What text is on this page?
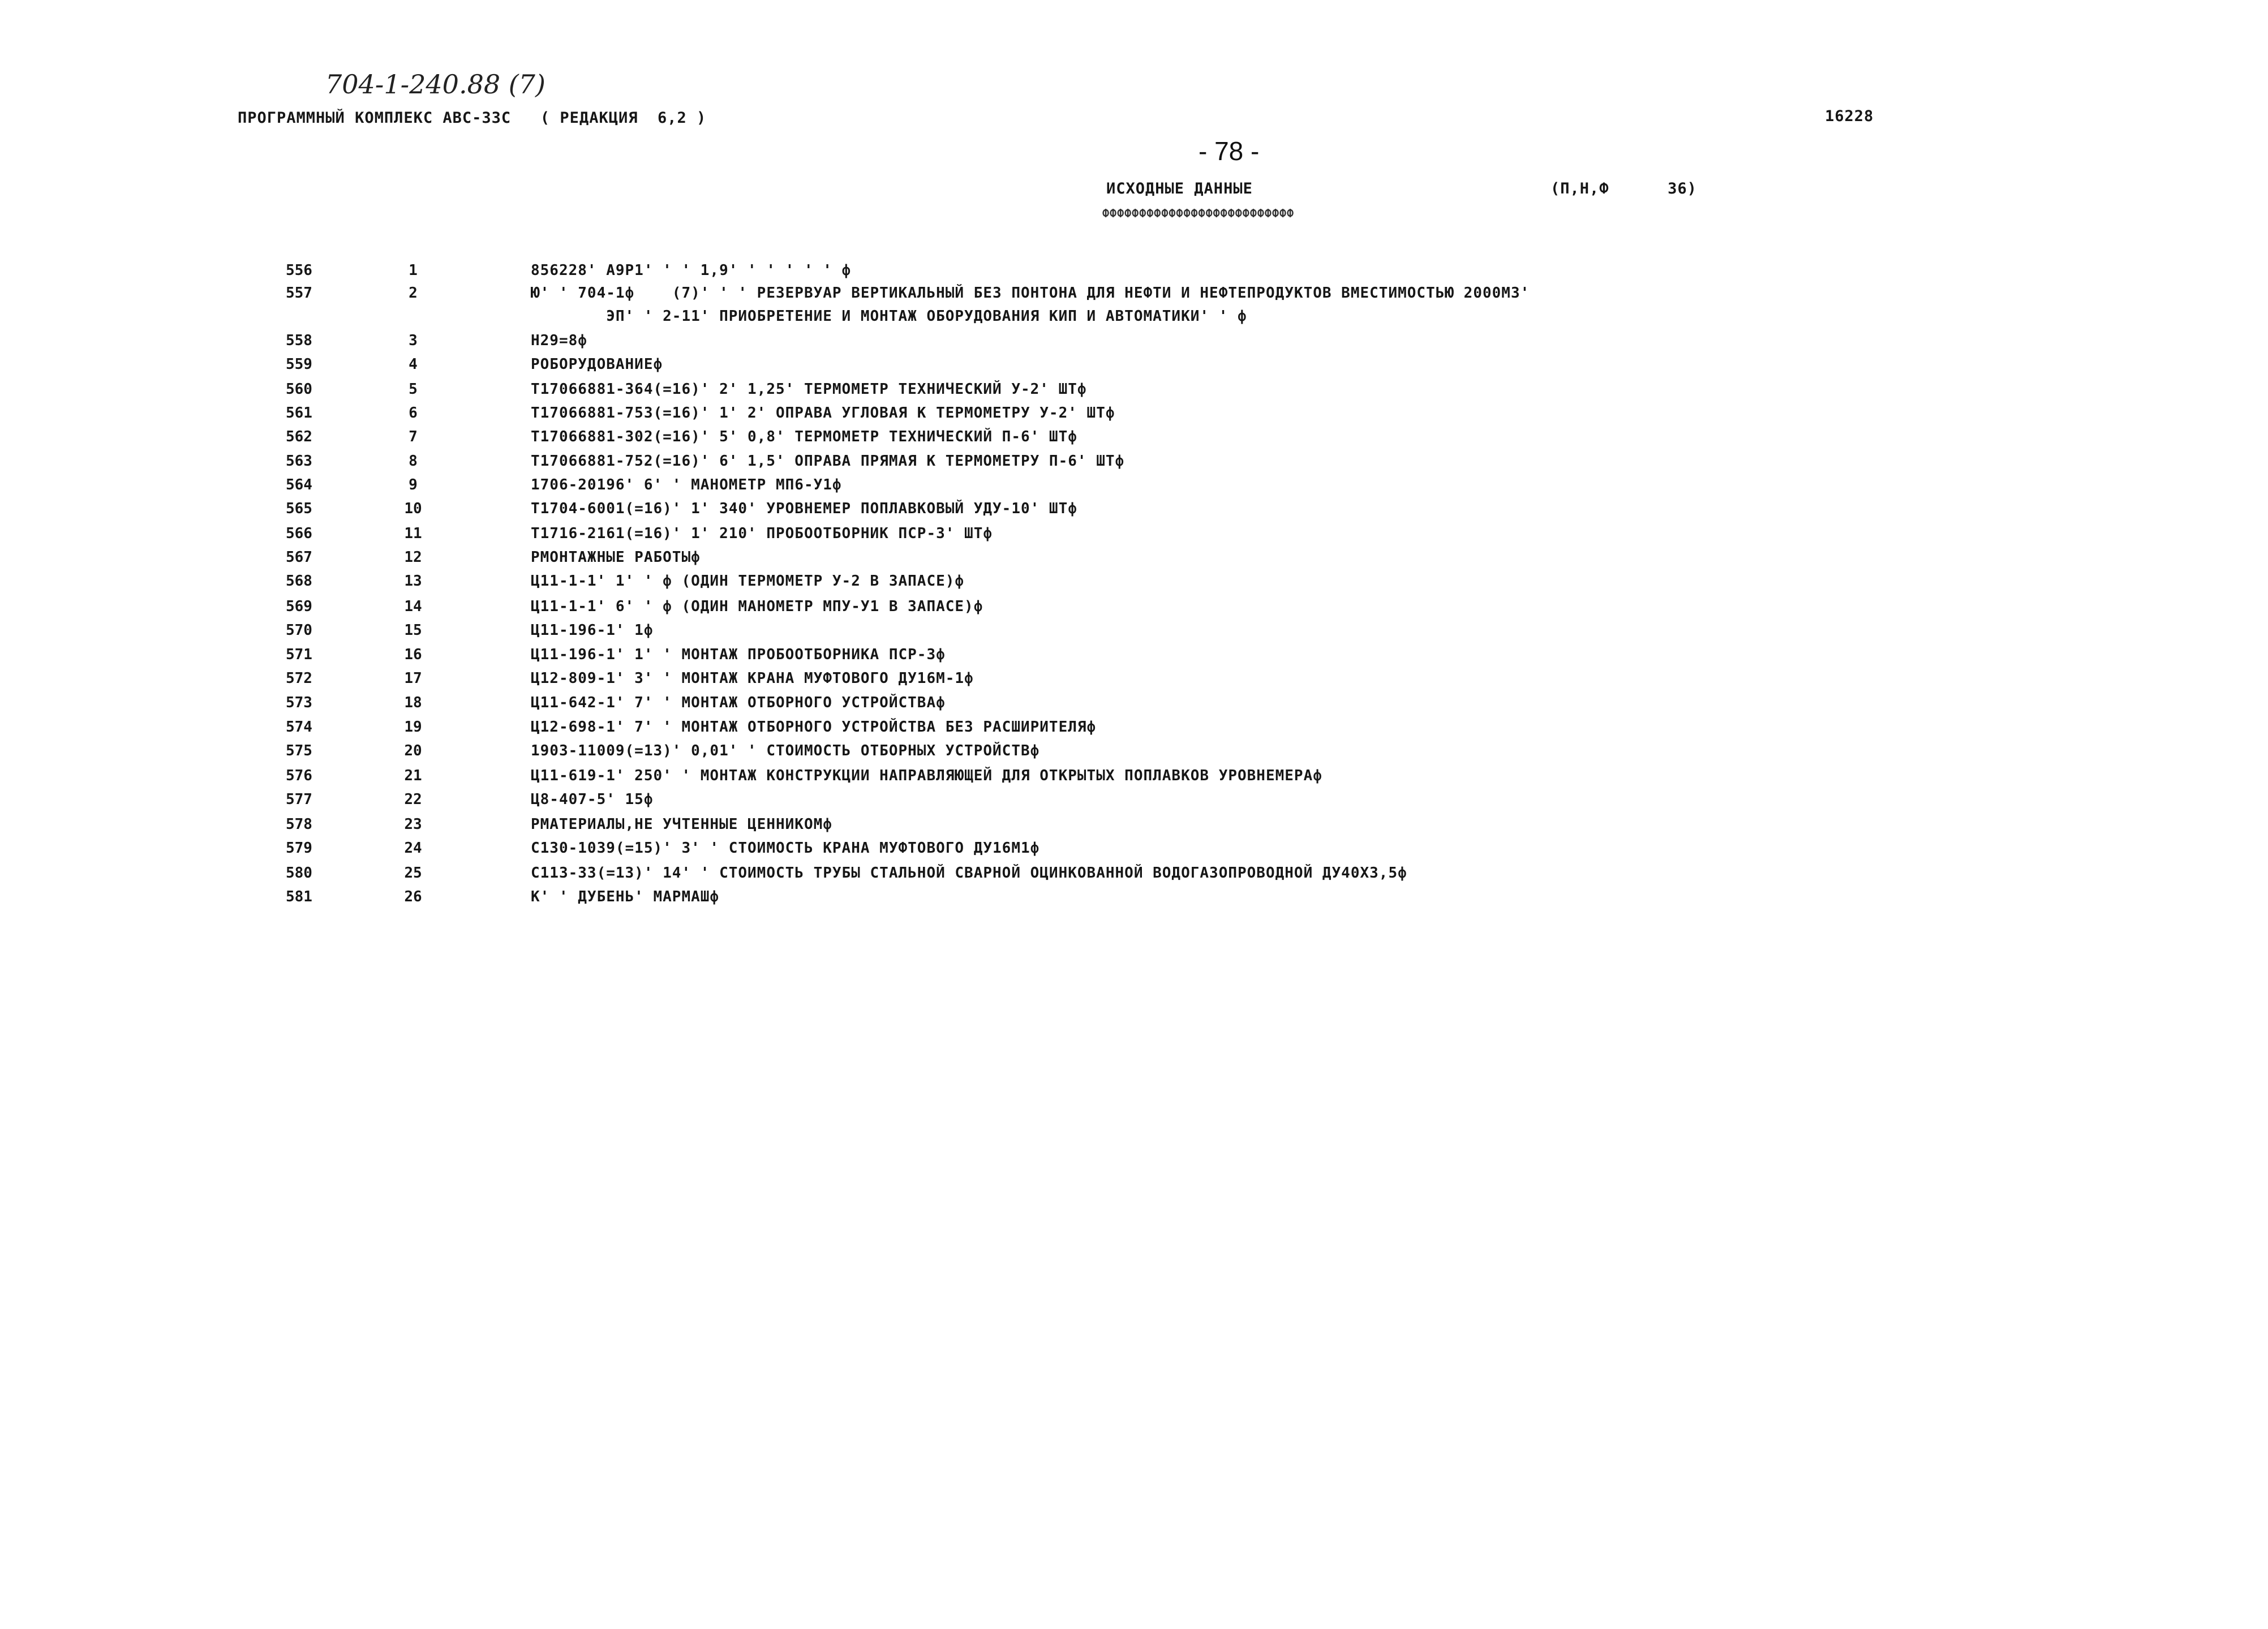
704-1-240.88 (7)
ПРОГРАММНЫЙ КОМПЛЕКС АВС-ЗЗС   ( РЕДАКЦИЯ  6,2 )	16228
- 78 -
ИСХОДНЫЕ ДАННЫЕ	(П,Н,Ф      36)
ФФФФФФФФФФФФФФФФФФФФФФФФФФ
556	1	856228' А9Р1' ' ' 1,9' ' ' ' ' ' ф
557	2	Ю' ' 704-1ф    (7)' ' ' РЕЗЕРВУАР ВЕРТИКАЛЬНЫЙ БЕЗ ПОНТОНА ДЛЯ НЕФТИ И НЕФТЕПРОДУКТОВ ВМЕСТИМОСТЬЮ 2000МЗ'
ЭП' ' 2-11' ПРИОБРЕТЕНИЕ И МОНТАЖ ОБОРУДОВАНИЯ КИП И АВТОМАТИКИ' ' ф
558	3	Н29=8ф
559	4	РОБОРУДОВАНИЕф
560	5	Т17066881-364(=16)' 2' 1,25' ТЕРМОМЕТР ТЕХНИЧЕСКИЙ У-2' ШТф
561	6	Т17066881-753(=16)' 1' 2' ОПРАВА УГЛОВАЯ К ТЕРМОМЕТРУ У-2' ШТф
562	7	Т17066881-302(=16)' 5' 0,8' ТЕРМОМЕТР ТЕХНИЧЕСКИЙ П-6' ШТф
563	8	Т17066881-752(=16)' 6' 1,5' ОПРАВА ПРЯМАЯ К ТЕРМОМЕТРУ П-6' ШТф
564	9	1706-20196' 6' ' МАНОМЕТР МП6-У1ф
565	10	Т1704-6001(=16)' 1' 340' УРОВНЕМЕР ПОПЛАВКОВЫЙ УДУ-10' ШТф
566	11	Т1716-2161(=16)' 1' 210' ПРОБООТБОРНИК ПСР-3' ШТф
567	12	РМОНТАЖНЫЕ РАБОТЫф
568	13	Ц11-1-1' 1' ' ф (ОДИН ТЕРМОМЕТР У-2 В ЗАПАСЕ)ф
569	14	Ц11-1-1' 6' ' ф (ОДИН МАНОМЕТР МПУ-У1 В ЗАПАСЕ)ф
570	15	Ц11-196-1' 1ф
571	16	Ц11-196-1' 1' ' МОНТАЖ ПРОБООТБОРНИКА ПСР-3ф
572	17	Ц12-809-1' 3' ' МОНТАЖ КРАНА МУФТОВОГО ДУ16М-1ф
573	18	Ц11-642-1' 7' ' МОНТАЖ ОТБОРНОГО УСТРОЙСТВАф
574	19	Ц12-698-1' 7' ' МОНТАЖ ОТБОРНОГО УСТРОЙСТВА БЕЗ РАСШИРИТЕЛЯф
575	20	1903-11009(=13)' 0,01' ' СТОИМОСТЬ ОТБОРНЫХ УСТРОЙСТВф
576	21	Ц11-619-1' 250' ' МОНТАЖ КОНСТРУКЦИИ НАПРАВЛЯЮЩЕЙ ДЛЯ ОТКРЫТЫХ ПОПЛАВКОВ УРОВНЕМЕРАф
577	22	Ц8-407-5' 15ф
578	23	РМАТЕРИАЛЫ,НЕ УЧТЕННЫЕ ЦЕННИКОМф
579	24	С130-1039(=15)' 3' ' СТОИМОСТЬ КРАНА МУФТОВОГО ДУ16М1ф
580	25	С113-33(=13)' 14' ' СТОИМОСТЬ ТРУБЫ СТАЛЬНОЙ СВАРНОЙ ОЦИНКОВАННОЙ ВОДОГАЗОПРОВОДНОЙ ДУ40Х3,5ф
581	26	К' ' ДУБЕНЬ' МАРМАШф
